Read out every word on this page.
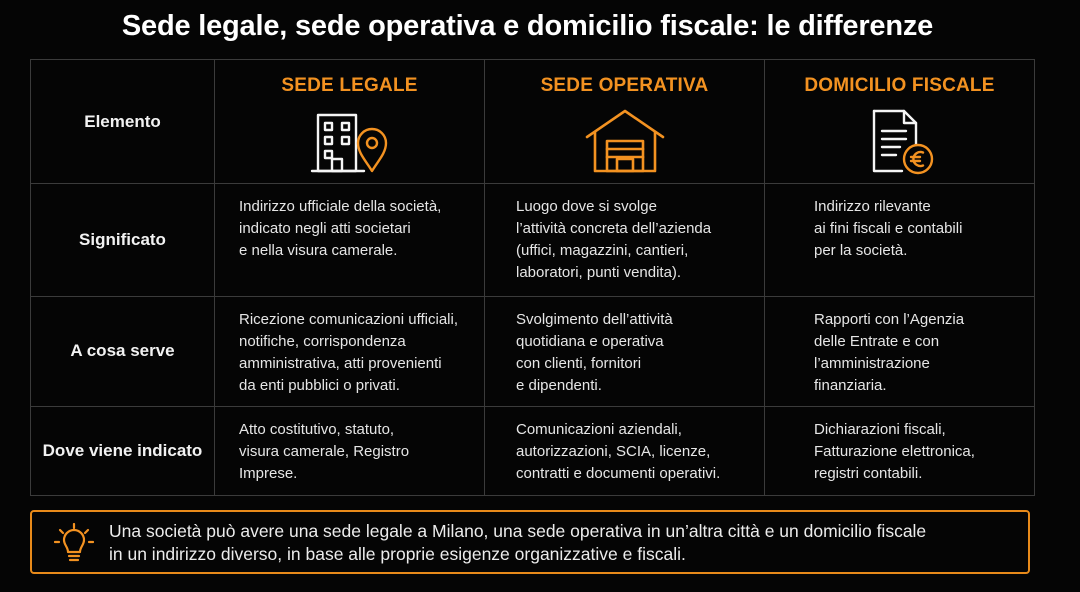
Sede legale, sede operativa e domicilio fiscale: le differenze
Elemento	SEDE LEGALE	SEDE OPERATIVA	DOMICILIO FISCALE

Significato	Indirizzo ufficiale della società,
indicato negli atti societari
e nella visura camerale.	Luogo dove si svolge
l’attività concreta dell’azienda
(uffici, magazzini, cantieri,
laboratori, punti vendita).	Indirizzo rilevante
ai fini fiscali e contabili
per la società.

A cosa serve	Ricezione comunicazioni ufficiali,
notifiche, corrispondenza
amministrativa, atti provenienti
da enti pubblici o privati.	Svolgimento dell’attività
quotidiana e operativa
con clienti, fornitori
e dipendenti.	Rapporti con l’Agenzia
delle Entrate e con
l’amministrazione
finanziaria.

Dove viene indicato	Atto costitutivo, statuto,
visura camerale, Registro
Imprese.	Comunicazioni aziendali,
autorizzazioni, SCIA, licenze,
contratti e documenti operativi.	Dichiarazioni fiscali,
Fatturazione elettronica,
registri contabili.
Una società può avere una sede legale a Milano, una sede operativa in un’altra città e un domicilio fiscale
in un indirizzo diverso, in base alle proprie esigenze organizzative e fiscali.
